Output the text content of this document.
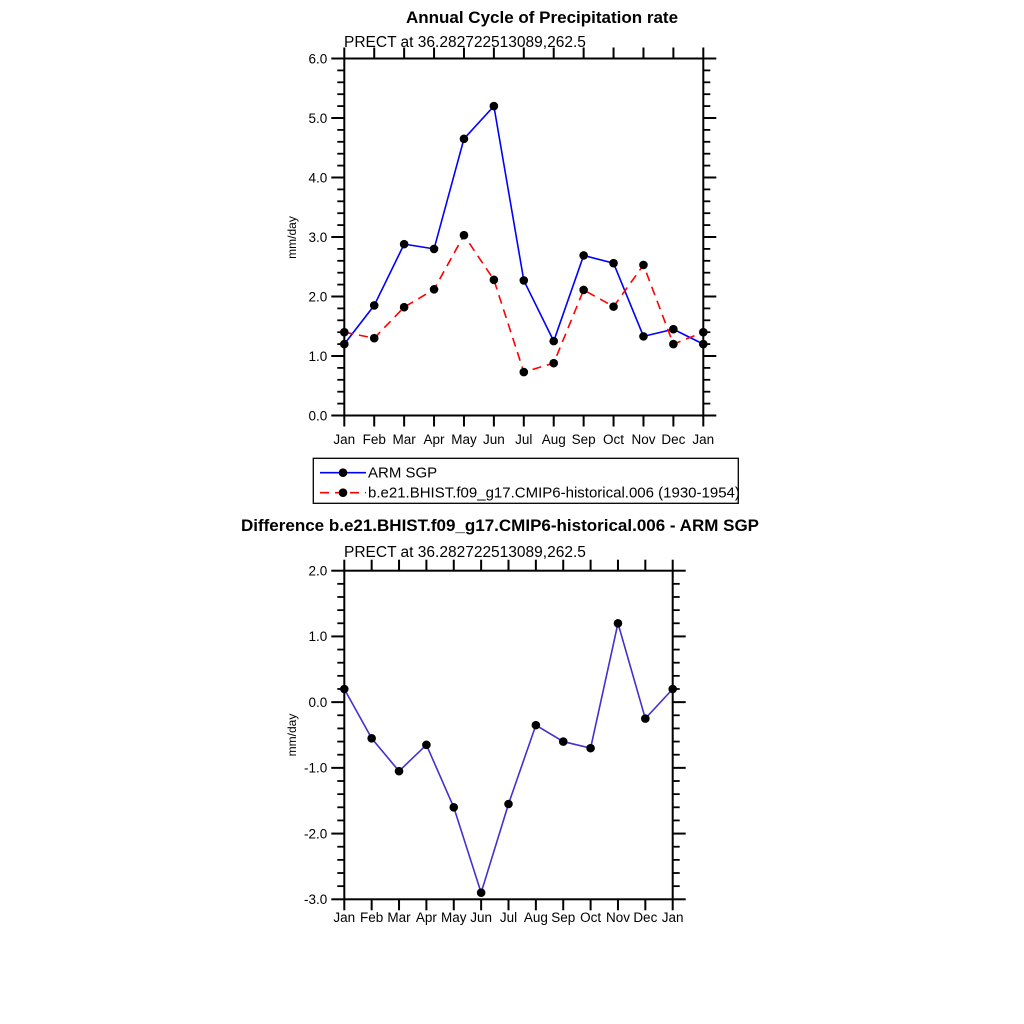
Annual Cycle of Precipitation rate
PRECT at 36.282722513089,262.5
Jan Feb Mar Apr May Jun Jul Aug Sep Oct Nov Dec Jan
0.0
1.0
2.0
3.0
4.0
5.0
6.0
mm/day
ARM SGP
b.e21.BHIST.f09_g17.CMIP6-historical.006 (1930-1954)
Difference b.e21.BHIST.f09_g17.CMIP6-historical.006 - ARM SGP
PRECT at 36.282722513089,262.5
Jan Feb Mar Apr May Jun Jul Aug Sep Oct Nov Dec Jan
-3.0
-2.0
-1.0
0.0
1.0
2.0
mm/day
